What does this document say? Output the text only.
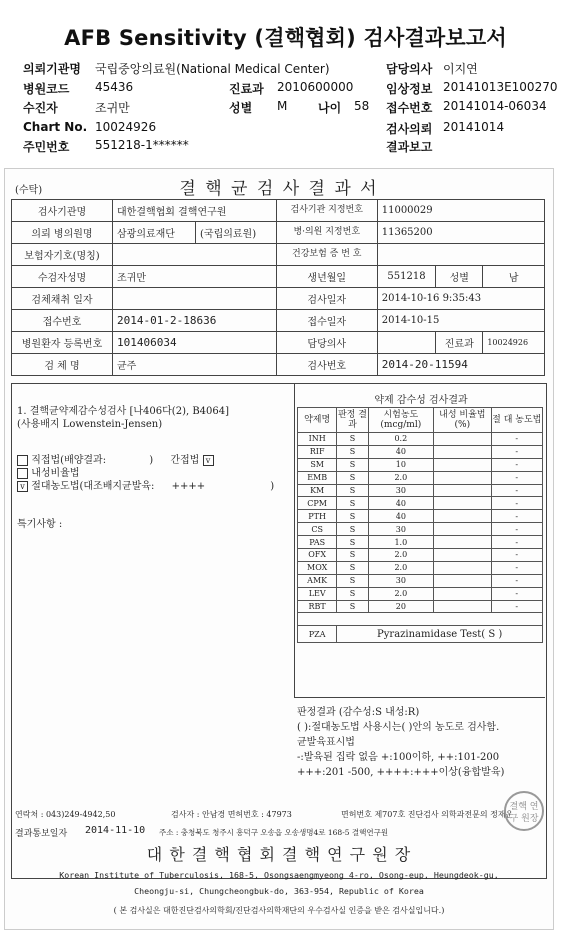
AFB Sensitivity (결핵협회) 검사결과보고서
의뢰기관명 국립중앙의료원(National Medical Center)	담당의사 이지연
병원코드 45436	진료과 2010600000	임상정보 20141013E100270
수진자	조귀만	성별 M	나이 58 접수번호 20141014-06034
Chart No. 10024926	검사의뢰 20141014
주민번호 551218-1******	결과보고
(수탁)	결 핵 균 검 사 결 과 서
검사기관명	대한결핵협회 결핵연구원		검사기관 지정번호	11000029		
의뢰 병의원명	삼광의료재단	(국립의료원)	병·의원 지정번호	11365200		
보험자기호(명칭)			건강보험 증 번 호			
수검자성명	조귀만		생년월일	551218	성별	남
검체채취 일자			검사일자	2014-10-16 9:35:43		
접수번호	2014-01-2-18636		접수일자	2014-10-15		
병원환자 등록번호	101406034		담당의사		진료과	10024926
검 체 명	균주		검사번호	2014-20-11594		
1. 결핵균약제감수성검사 [나406다(2), B4064]
(사용배지 Lowenstein-Jensen)
직접법(배양결과:	) 간접법 v
내성비율법
v 절대농도법(대조배지균발육: ++++	)
특기사항 :
약제 감수성 검사결과
약제명	판정 결과	시험농도 (mcg/ml)	내성 비율법(%)	절 대 농도법
INH	S	0.2		-
RIF	S	40		-
SM	S	10		-
EMB	S	2.0		-
KM	S	30		-
CPM	S	40		-
PTH	S	40		-
CS	S	30		-
PAS	S	1.0		-
OFX	S	2.0		-
MOX	S	2.0		-
AMK	S	30		-
LEV	S	2.0		-
RBT	S	20		-

PZA	Pyrazinamidase Test( S )			
판정결과 (감수성:S 내성:R)
( ):절대농도법 사용시는( )안의 농도로 검사함.
균발육표시법
-:발육된 집락 없음 +:100이하, ++:101-200
+++:201 -500, ++++:+++이상(융합발육)
연락처 : 043)249-4942,50	검사자 : 안남경 면허번호 : 47973	면허번호 제707호 진단검사 의학과전문의 정재운
결과통보일자 2014-11-10 주소 : 충청북도 청주시 흥덕구 오송읍 오송생명4로 168-5 결핵연구원
대 한 결 핵 협 회 결 핵 연 구 원 장
Korean Institute of Tuberculosis, 168-5, Osongsaengmyeong 4-ro, Osong-eup, Heungdeok-gu,
Cheongju-si, Chungcheongbuk-do, 363-954, Republic of Korea
( 본 검사실은 대한진단검사의학회/진단검사의학재단의 우수검사실 인증을 받은 검사실입니다.)
결핵 연구 원장
